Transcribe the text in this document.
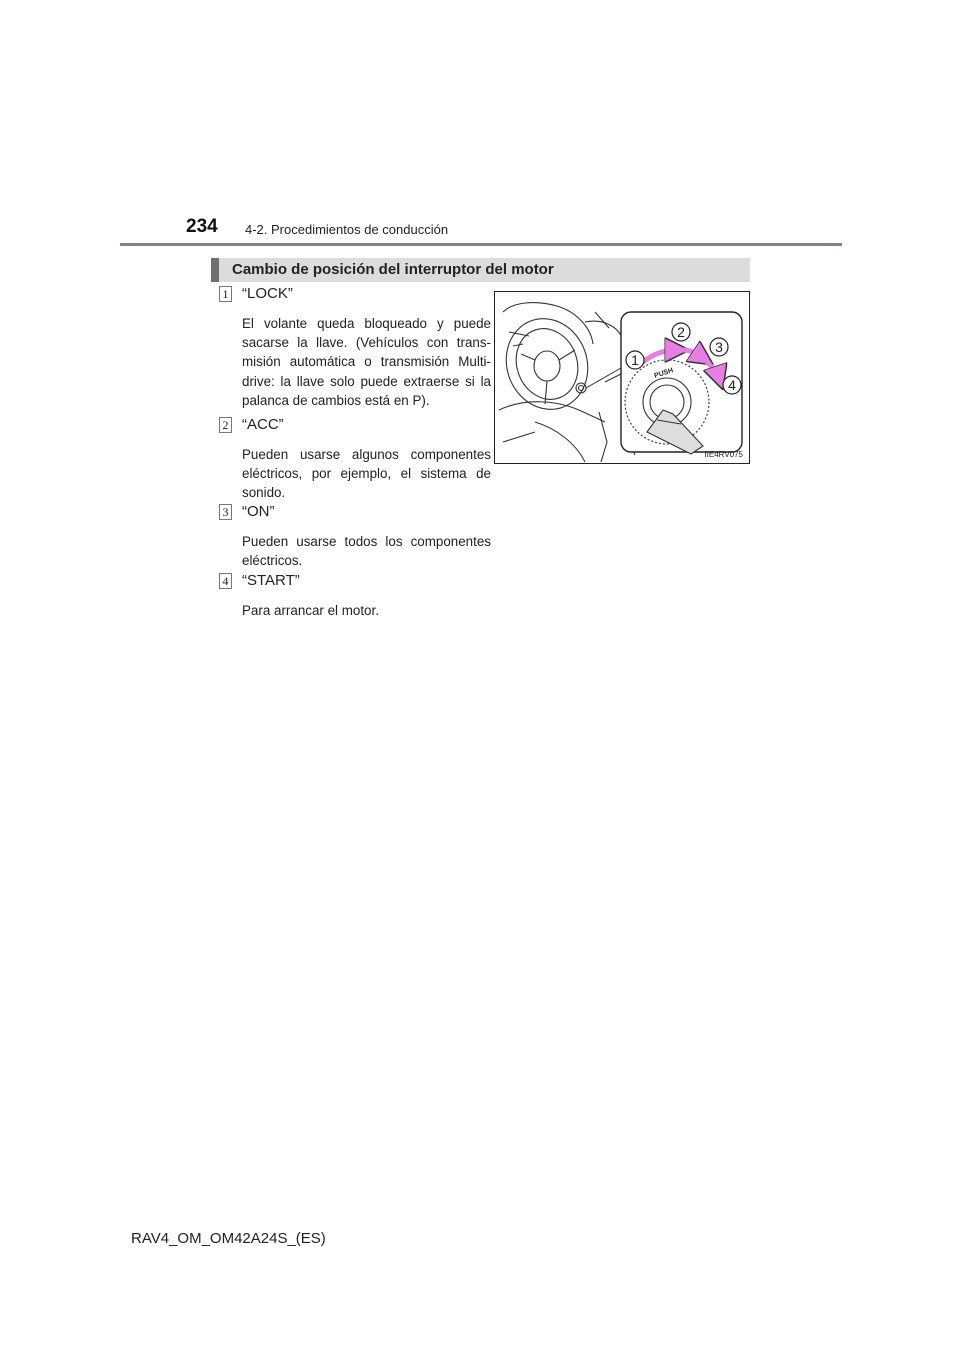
234 4-2. Procedimientos de conducción
Cambio de posición del interruptor del motor
1 “LOCK”

El volante queda bloqueado y puede sacarse la llave. (Vehículos con trans-misión automática o transmisión Multi-drive: la llave solo puede extraerse si la palanca de cambios está en P).

2 “ACC”

Pueden usarse algunos componentes eléctricos, por ejemplo, el sistema de sonido.

3 “ON”

Pueden usarse todos los componentes eléctricos.

4 “START”

Para arrancar el motor.

PUSH
1
2
3
4
IIE4RV075
RAV4_OM_OM42A24S_(ES)
